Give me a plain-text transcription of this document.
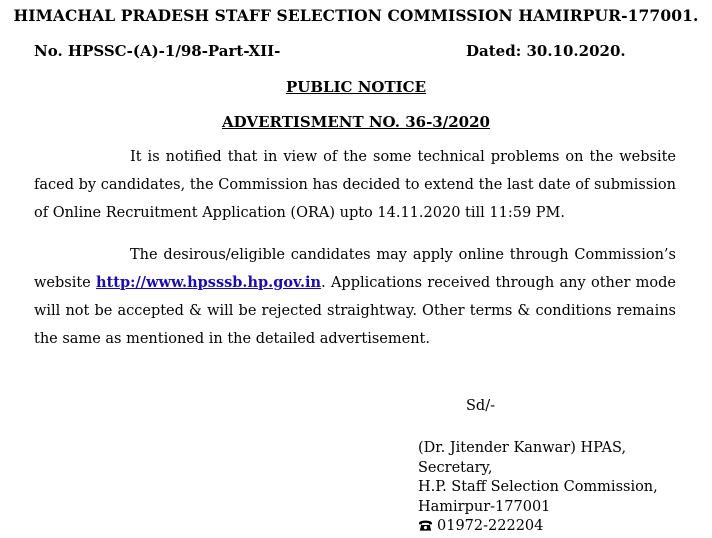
HIMACHAL PRADESH STAFF SELECTION COMMISSION HAMIRPUR-177001.
No. HPSSC-(A)-1/98-Part-XII-	Dated: 30.10.2020.
PUBLIC NOTICE
ADVERTISMENT NO. 36-3/2020

It is notified that in view of the some technical problems on the website faced by candidates, the Commission has decided to extend the last date of submission of Online Recruitment Application (ORA) upto 14.11.2020 till 11:59 PM.

The desirous/eligible candidates may apply online through Commission’s website http://www.hpsssb.hp.gov.in. Applications received through any other mode will not be accepted & will be rejected straightway. Other terms & conditions remains the same as mentioned in the detailed advertisement.

Sd/-
(Dr. Jitender Kanwar) HPAS,
Secretary,
H.P. Staff Selection Commission,
Hamirpur-177001
01972-222204
